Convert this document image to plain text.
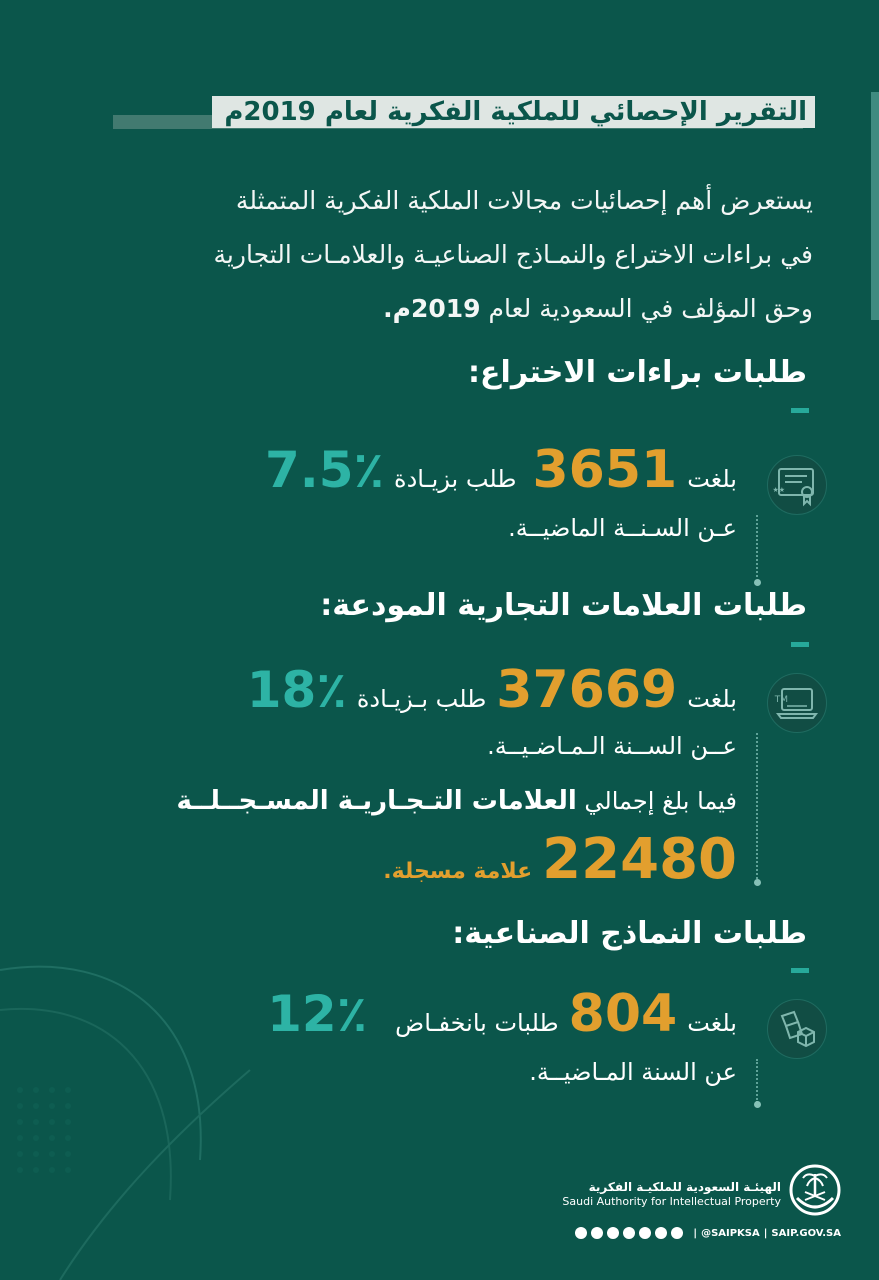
التقرير الإحصائي للملكية الفكرية لعام 2019م
يستعرض أهم إحصائيات مجالات الملكية الفكرية المتمثلة
في براءات الاختراع والنمـاذج الصناعيـة والعلامـات التجارية
وحق المؤلف في السعودية لعام 2019م.
طلبات براءات الاختراع:
★★
بلغت
3651
طلب بزيـادة
7.5٪
عـن السـنــة الماضيــة.
طلبات العلامات التجارية المودعة:
TM
بلغت
37669
طلب بـزيـادة
18٪
عــن الســنة الـمـاضـيــة.
فيما بلغ إجمالي العلامات التـجـاريـة المسـجــلــة
22480
علامة مسجلة.
طلبات النماذج الصناعية:
بلغت
804
طلبات بانخفـاض
12٪
عن السنة المـاضيــة.
الهيئـة السعودية للملكيـة الفكرية
Saudi Authority for Intellectual Property
| @SAIPKSA | SAIP.GOV.SA
